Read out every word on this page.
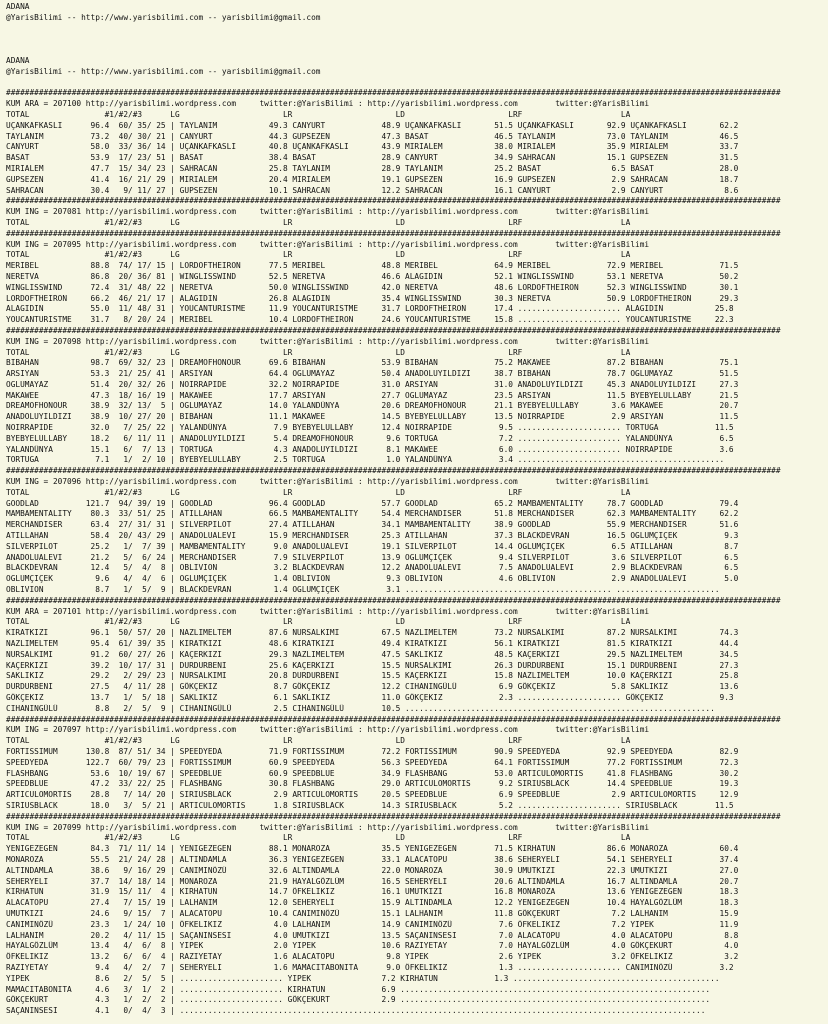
ADANA
@YarisBilimi -- http://www.yarisbilimi.com -- yarisbilimi@gmail.com
ADANA
@YarisBilimi -- http://www.yarisbilimi.com -- yarisbilimi@gmail.com
#####################################################################################################################################################################
KUM ARA = 207100 http://yarisbilimi.wordpress.com     twitter:@YarisBilimi : http://yarisbilimi.wordpress.com        twitter:@YarisBilimi
TOTAL                #1/#2/#3      LG                      LR                      LD                      LRF                     LA
UÇANKAFKASLI      96.4  60/ 35/ 25 | TAYLANIM           49.3 CANYURT            48.9 UÇANKAFKASLI       51.5 UÇANKAFKASLI       92.9 UÇANKAFKASLI       62.2
TAYLANIM          73.2  40/ 30/ 21 | CANYURT            44.3 GUPSEZEN           47.3 BASAT              46.5 TAYLANIM           73.0 TAYLANIM           46.5
CANYURT           58.0  33/ 36/ 14 | UÇANKAFKASLI       40.8 UÇANKAFKASLI       43.9 MIRIALEM           38.0 MIRIALEM           35.9 MIRIALEM           33.7
BASAT             53.9  17/ 23/ 51 | BASAT              38.4 BASAT              28.9 CANYURT            34.9 SAHRACAN           15.1 GUPSEZEN           31.5
MIRIALEM          47.7  15/ 34/ 23 | SAHRACAN           25.8 TAYLANIM           28.9 TAYLANIM           25.2 BASAT               6.5 BASAT              28.0
GUPSEZEN          41.4  16/ 21/ 29 | MIRIALEM           20.4 MIRIALEM           19.1 GUPSEZEN           16.9 GUPSEZEN            2.9 SAHRACAN           18.7
SAHRACAN          30.4   9/ 11/ 27 | GUPSEZEN           10.1 SAHRACAN           12.2 SAHRACAN           16.1 CANYURT             2.9 CANYURT             8.6
#####################################################################################################################################################################
KUM ING = 207081 http://yarisbilimi.wordpress.com     twitter:@YarisBilimi : http://yarisbilimi.wordpress.com        twitter:@YarisBilimi
TOTAL                #1/#2/#3      LG                      LR                      LD                      LRF                     LA
#####################################################################################################################################################################
KUM ING = 207095 http://yarisbilimi.wordpress.com     twitter:@YarisBilimi : http://yarisbilimi.wordpress.com        twitter:@YarisBilimi
TOTAL                #1/#2/#3      LG                      LR                      LD                      LRF                     LA
MERIBEL           88.8  74/ 17/ 15 | LORDOFTHEIRON      77.5 MERIBEL            48.8 MERIBEL            64.9 MERIBEL            72.9 MERIBEL            71.5
NERETVA           86.8  20/ 36/ 81 | WINGLISSWIND       52.5 NERETVA            46.6 ALAGIDIN           52.1 WINGLISSWIND       53.1 NERETVA            50.2
WINGLISSWIND      72.4  31/ 48/ 22 | NERETVA            50.0 WINGLISSWIND       42.0 NERETVA            48.6 LORDOFTHEIRON      52.3 WINGLISSWIND       30.1
LORDOFTHEIRON     66.2  46/ 21/ 17 | ALAGIDIN           26.8 ALAGIDIN           35.4 WINGLISSWIND       30.3 NERETVA            50.9 LORDOFTHEIRON      29.3
ALAGIDIN          55.0  11/ 48/ 31 | YOUCANTURISTME     11.9 YOUCANTURISTME     31.7 LORDOFTHEIRON      17.4 ...................... ALAGIDIN           25.8
YOUCANTURISTME    31.7   8/ 20/ 24 | MERIBEL            10.4 LORDOFTHEIRON      24.6 YOUCANTURISTME     15.8 ...................... YOUCANTURISTME     22.3
#####################################################################################################################################################################
KUM ING = 207098 http://yarisbilimi.wordpress.com     twitter:@YarisBilimi : http://yarisbilimi.wordpress.com        twitter:@YarisBilimi
TOTAL                #1/#2/#3      LG                      LR                      LD                      LRF                     LA
BIBAHAN           98.7  69/ 32/ 23 | DREAMOFHONOUR      69.6 BIBAHAN            53.9 BIBAHAN            75.2 MAKAWEE            87.2 BIBAHAN            75.1
ARSIYAN           53.3  21/ 25/ 41 | ARSIYAN            64.4 OGLUMAYAZ          50.4 ANADOLUYILDIZI     38.7 BIBAHAN            78.7 OGLUMAYAZ          51.5
OGLUMAYAZ         51.4  20/ 32/ 26 | NOIRRAPIDE         32.2 NOIRRAPIDE         31.0 ARSIYAN            31.0 ANADOLUYILDIZI     45.3 ANADOLUYILDIZI     27.3
MAKAWEE           47.3  18/ 16/ 19 | MAKAWEE            17.7 ARSIYAN            27.7 OGLUMAYAZ          23.5 ARSIYAN            11.5 BYEBYELULLABY      21.5
DREAMOFHONOUR     38.9  32/ 13/  5 | OGLUMAYAZ          14.0 YALANDÜNYA         20.6 DREAMOFHONOUR      21.1 BYEBYELULLABY       3.6 MAKAWEE            20.7
ANADOLUYILDIZI    38.9  10/ 27/ 20 | BIBAHAN            11.1 MAKAWEE            14.5 BYEBYELULLABY      13.5 NOIRRAPIDE          2.9 ARSIYAN            11.5
NOIRRAPIDE        32.0   7/ 25/ 22 | YALANDÜNYA          7.9 BYEBYELULLABY      12.4 NOIRRAPIDE          9.5 ...................... TORTUGA            11.5
BYEBYELULLABY     18.2   6/ 11/ 11 | ANADOLUYILDIZI      5.4 DREAMOFHONOUR       9.6 TORTUGA             7.2 ...................... YALANDÜNYA          6.5
YALANDÜNYA        15.1   6/  7/ 13 | TORTUGA             4.3 ANADOLUYILDIZI      8.1 MAKAWEE             6.0 ...................... NOIRRAPIDE          3.6
TORTUGA            7.1   1/  2/ 10 | BYEBYELULLABY       2.5 TORTUGA             1.0 YALANDÜNYA          3.4 ............................................
#####################################################################################################################################################################
KUM ING = 207096 http://yarisbilimi.wordpress.com     twitter:@YarisBilimi : http://yarisbilimi.wordpress.com        twitter:@YarisBilimi
TOTAL                #1/#2/#3      LG                      LR                      LD                      LRF                     LA
GOODLAD          121.7  94/ 39/ 19 | GOODLAD            96.4 GOODLAD            57.7 GOODLAD            65.2 MAMBAMENTALITY     78.7 GOODLAD            79.4
MAMBAMENTALITY    80.3  33/ 51/ 25 | ATILLAHAN          66.5 MAMBAMENTALITY     54.4 MERCHANDISER       51.8 MERCHANDISER       62.3 MAMBAMENTALITY     62.2
MERCHANDISER      63.4  27/ 31/ 31 | SILVERPILOT        27.4 ATILLAHAN          34.1 MAMBAMENTALITY     38.9 GOODLAD            55.9 MERCHANDISER       51.6
ATILLAHAN         58.4  20/ 43/ 29 | ANADOLUALEVI       15.9 MERCHANDISER       25.3 ATILLAHAN          37.3 BLACKDEVRAN        16.5 OGLUMÇIÇEK          9.3
SILVERPILOT       25.2   1/  7/ 39 | MAMBAMENTALITY      9.0 ANADOLUALEVI       19.1 SILVERPILOT        14.4 OGLUMÇIÇEK          6.5 ATILLAHAN           8.7
ANADOLUALEVI      21.2   5/  6/ 24 | MERCHANDISER        7.9 SILVERPILOT        13.9 OGLUMÇIÇEK          9.4 SILVERPILOT         3.6 SILVERPILOT         6.5
BLACKDEVRAN       12.4   5/  4/  8 | OBLIVION            3.2 BLACKDEVRAN        12.2 ANADOLUALEVI        7.5 ANADOLUALEVI        2.9 BLACKDEVRAN         6.5
OGLUMÇIÇEK         9.6   4/  4/  6 | OGLUMÇIÇEK          1.4 OBLIVION            9.3 OBLIVION            4.6 OBLIVION            2.9 ANADOLUALEVI        5.0
OBLIVION           8.7   1/  5/  9 | BLACKDEVRAN         1.4 OGLUMÇIÇEK          3.1 ............................................ ......................
#####################################################################################################################################################################
KUM ARA = 207101 http://yarisbilimi.wordpress.com     twitter:@YarisBilimi : http://yarisbilimi.wordpress.com        twitter:@YarisBilimi
TOTAL                #1/#2/#3      LG                      LR                      LD                      LRF                     LA
KIRATKIZI         96.1  50/ 57/ 20 | NAZLIMELTEM        87.6 NURSALKIMI         67.5 NAZLIMELTEM        73.2 NURSALKIMI         87.2 NURSALKIMI         74.3
NAZLIMELTEM       95.4  61/ 39/ 35 | KIRATKIZI          48.6 KIRATKIZI          49.4 KIRATKIZI          56.1 KIRATKIZI          81.5 KIRATKIZI          44.4
NURSALKIMI        91.2  60/ 27/ 26 | KAÇERKIZI          29.3 NAZLIMELTEM        47.5 SAKLIKIZ           48.5 KAÇERKIZI          29.5 NAZLIMELTEM        34.5
KAÇERKIZI         39.2  10/ 17/ 31 | DURDURBENI         25.6 KAÇERKIZI          15.5 NURSALKIMI         26.3 DURDURBENI         15.1 DURDURBENI         27.3
SAKLIKIZ          29.2   2/ 29/ 23 | NURSALKIMI         20.8 DURDURBENI         15.5 KAÇERKIZI          15.8 NAZLIMELTEM        10.0 KAÇERKIZI          25.8
DURDURBENI        27.5   4/ 11/ 28 | GÖKÇEKIZ            8.7 GÖKÇEKIZ           12.2 CIHANINGÜLÜ         6.9 GÖKÇEKIZ            5.8 SAKLIKIZ           13.6
GÖKÇEKIZ          13.7   1/  5/ 18 | SAKLIKIZ            6.1 SAKLIKIZ           11.0 GÖKÇEKIZ            2.3 ...................... GÖKÇEKIZ            9.3
CIHANINGÜLÜ        8.8   2/  5/  9 | CIHANINGÜLÜ         2.5 CIHANINGÜLÜ        10.5 ..................................................................
#####################################################################################################################################################################
KUM ING = 207097 http://yarisbilimi.wordpress.com     twitter:@YarisBilimi : http://yarisbilimi.wordpress.com        twitter:@YarisBilimi
TOTAL                #1/#2/#3      LG                      LR                      LD                      LRF                     LA
FORTISSIMUM      130.8  87/ 51/ 34 | SPEEDYEDA          71.9 FORTISSIMUM        72.2 FORTISSIMUM        90.9 SPEEDYEDA          92.9 SPEEDYEDA          82.9
SPEEDYEDA        122.7  60/ 79/ 23 | FORTISSIMUM        60.9 SPEEDYEDA          56.3 SPEEDYEDA          64.1 FORTISSIMUM        77.2 FORTISSIMUM        72.3
FLASHBANG         53.6  10/ 19/ 67 | SPEEDBLUE          60.9 SPEEDBLUE          34.9 FLASHBANG          53.0 ARTICULOMORTIS     41.8 FLASHBANG          30.2
SPEEDBLUE         47.2  33/ 22/ 25 | FLASHBANG          30.8 FLASHBANG          29.0 ARTICULOMORTIS      9.2 SIRIUSBLACK        14.4 SPEEDBLUE          19.3
ARTICULOMORTIS    28.8   7/ 14/ 20 | SIRIUSBLACK         2.9 ARTICULOMORTIS     20.5 SPEEDBLUE           6.9 SPEEDBLUE           2.9 ARTICULOMORTIS     12.9
SIRIUSBLACK       18.0   3/  5/ 21 | ARTICULOMORTIS      1.8 SIRIUSBLACK        14.3 SIRIUSBLACK         5.2 ...................... SIRIUSBLACK        11.5
#####################################################################################################################################################################
KUM ING = 207099 http://yarisbilimi.wordpress.com     twitter:@YarisBilimi : http://yarisbilimi.wordpress.com        twitter:@YarisBilimi
TOTAL                #1/#2/#3      LG                      LR                      LD                      LRF                     LA
YENIGEZEGEN       84.3  71/ 11/ 14 | YENIGEZEGEN        88.1 MONAROZA           35.5 YENIGEZEGEN        71.5 KIRHATUN           86.6 MONAROZA           60.4
MONAROZA          55.5  21/ 24/ 28 | ALTINDAMLA         36.3 YENIGEZEGEN        33.1 ALACATOPU          38.6 SEHERYELI          54.1 SEHERYELI          37.4
ALTINDAMLA        38.6   9/ 16/ 29 | CANIMINÖZÜ         32.6 ALTINDAMLA         22.0 MONAROZA           30.9 UMUTKIZI           22.3 UMUTKIZI           27.0
SEHERYELI         37.7  14/ 18/ 14 | MONAROZA           21.9 HAYALGÖZLÜM        16.5 SEHERYELI          20.6 ALTINDAMLA         16.7 ALTINDAMLA         20.7
KIRHATUN          31.9  15/ 11/  4 | KIRHATUN           14.7 ÖFKELIKIZ          16.1 UMUTKIZI           16.8 MONAROZA           13.6 YENIGEZEGEN        18.3
ALACATOPU         27.4   7/ 15/ 19 | LALHANIM           12.0 SEHERYELI          15.9 ALTINDAMLA         12.2 YENIGEZEGEN        10.4 HAYALGÖZLÜM        18.3
UMUTKIZI          24.6   9/ 15/  7 | ALACATOPU          10.4 CANIMINÖZÜ         15.1 LALHANIM           11.8 GÖKÇEKURT           7.2 LALHANIM           15.9
CANIMINÖZÜ        23.3   1/ 24/ 10 | ÖFKELIKIZ           4.0 LALHANIM           14.9 CANIMINÖZÜ          7.6 ÖFKELIKIZ           7.2 YIPEK              11.9
LALHANIM          20.2   4/ 11/ 15 | SAÇANINSESI         4.0 UMUTKIZI           13.5 SAÇANINSESI         7.0 ALACATOPU           4.0 ALACATOPU           8.8
HAYALGÖZLÜM       13.4   4/  6/  8 | YIPEK               2.0 YIPEK              10.6 RAZIYETAY           7.0 HAYALGÖZLÜM         4.0 GÖKÇEKURT           4.0
ÖFKELIKIZ         13.2   6/  6/  4 | RAZIYETAY           1.6 ALACATOPU           9.8 YIPEK               2.6 YIPEK               3.2 ÖFKELIKIZ           3.2
RAZIYETAY          9.4   4/  2/  7 | SEHERYELI           1.6 MAMACITABONITA      9.0 ÖFKELIKIZ           1.3 ...................... CANIMINÖZÜ          3.2
YIPEK              8.6   2/  5/  5 | ...................... YIPEK               7.2 KIRHATUN            1.3 ............................................
MAMACITABONITA     4.6   3/  1/  2 | ...................... KIRHATUN            6.9 ..................................................................
GÖKÇEKURT          4.3   1/  2/  2 | ...................... GÖKÇEKURT           2.9 ..................................................................
SAÇANINSESI        4.1   0/  4/  3 | ................................................................................................................
